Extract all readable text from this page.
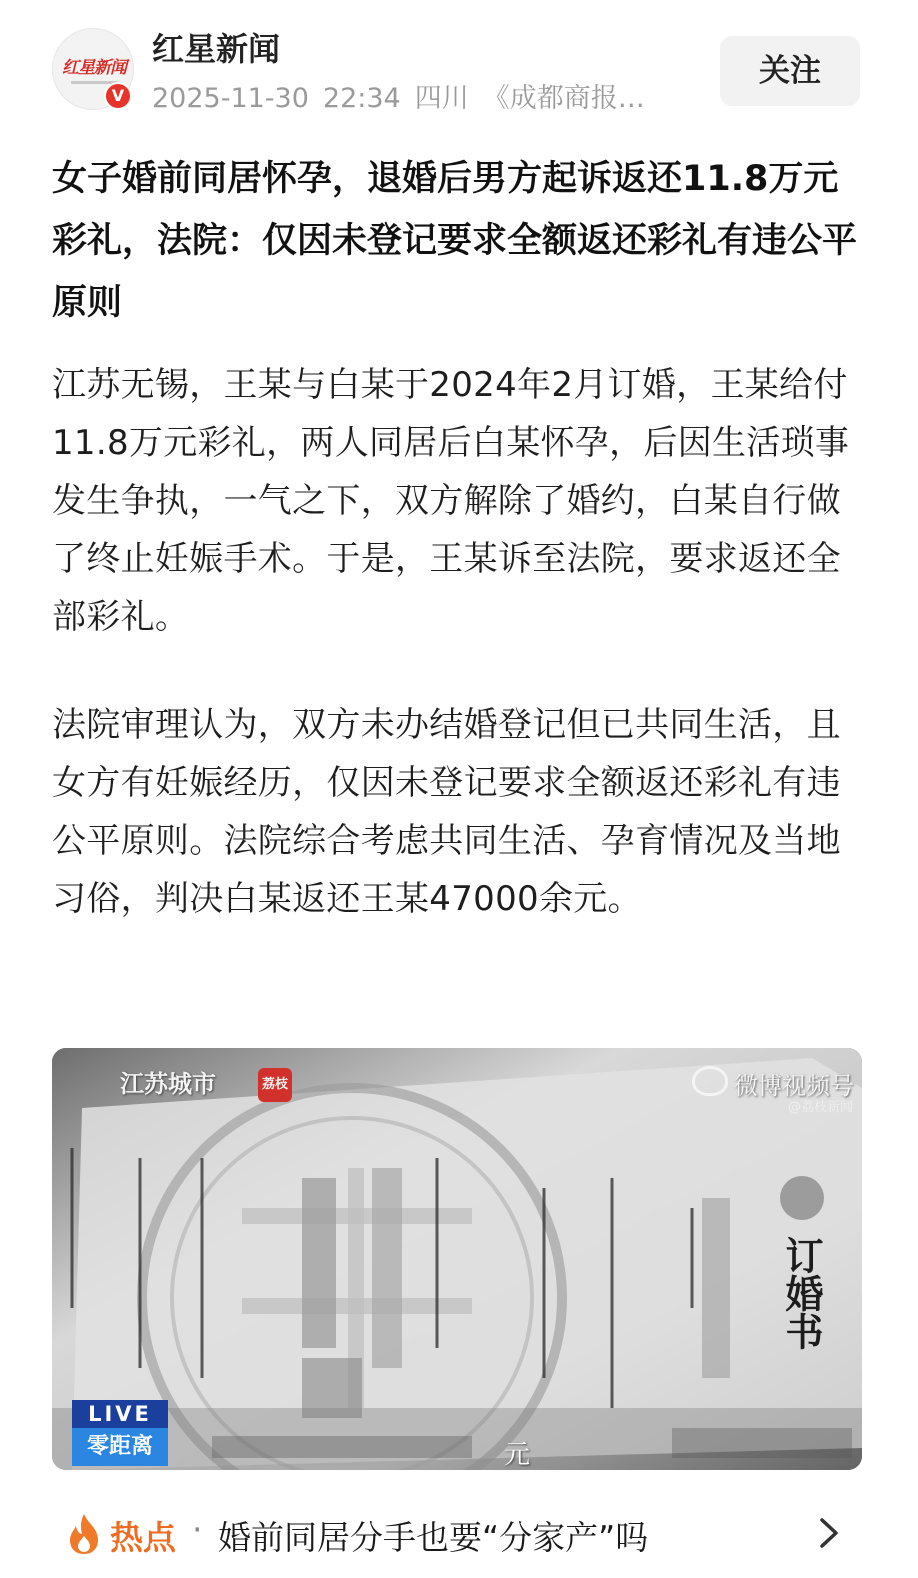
红星新闻
V
红星新闻
2025-11-30 22:34 四川 《成都商报…
关注
女子婚前同居怀孕，退婚后男方起诉返还11.8万元彩礼，法院：仅因未登记要求全额返还彩礼有违公平原则
江苏无锡，王某与白某于2024年2月订婚，王某给付11.8万元彩礼，两人同居后白某怀孕，后因生活琐事发生争执，一气之下，双方解除了婚约，白某自行做了终止妊娠手术。于是，王某诉至法院，要求返还全部彩礼。
法院审理认为，双方未办结婚登记但已共同生活，且女方有妊娠经历，仅因未登记要求全额返还彩礼有违公平原则。法院综合考虑共同生活、孕育情况及当地习俗，判决白某返还王某47000余元。
江苏城市	荔枝	微博视频号
@荔枝新闻
订婚书
LIVE
零距离	元
热点 · 婚前同居分手也要“分家产”吗
